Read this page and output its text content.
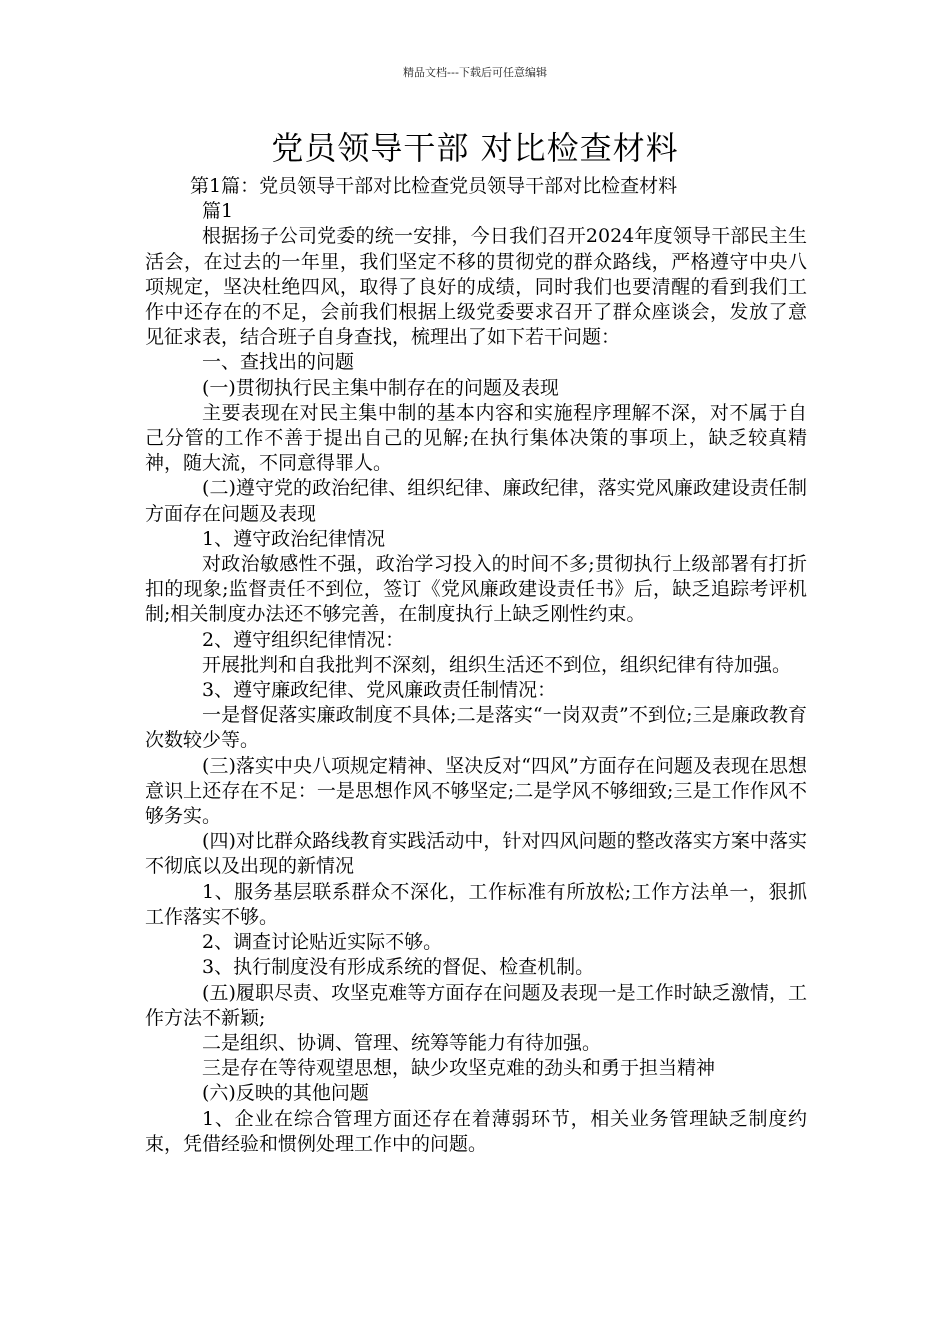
精品文档---下载后可任意编辑
党员领导干部 对比检查材料

第1篇：党员领导干部对比检查党员领导干部对比检查材料

篇1

根据扬子公司党委的统一安排，今日我们召开2024年度领导干部民主生活会，在过去的一年里，我们坚定不移的贯彻党的群众路线，严格遵守中央八项规定，坚决杜绝四风，取得了良好的成绩，同时我们也要清醒的看到我们工作中还存在的不足，会前我们根据上级党委要求召开了群众座谈会，发放了意见征求表，结合班子自身查找，梳理出了如下若干问题：

一、查找出的问题

(一)贯彻执行民主集中制存在的问题及表现

主要表现在对民主集中制的基本内容和实施程序理解不深，对不属于自己分管的工作不善于提出自己的见解;在执行集体决策的事项上，缺乏较真精神，随大流，不同意得罪人。

(二)遵守党的政治纪律、组织纪律、廉政纪律，落实党风廉政建设责任制方面存在问题及表现

1、遵守政治纪律情况

对政治敏感性不强，政治学习投入的时间不多;贯彻执行上级部署有打折扣的现象;监督责任不到位，签订《党风廉政建设责任书》后，缺乏追踪考评机制;相关制度办法还不够完善，在制度执行上缺乏刚性约束。

2、遵守组织纪律情况：

开展批判和自我批判不深刻，组织生活还不到位，组织纪律有待加强。

3、遵守廉政纪律、党风廉政责任制情况：

一是督促落实廉政制度不具体;二是落实“一岗双责”不到位;三是廉政教育次数较少等。

(三)落实中央八项规定精神、坚决反对“四风”方面存在问题及表现在思想意识上还存在不足：一是思想作风不够坚定;二是学风不够细致;三是工作作风不够务实。

(四)对比群众路线教育实践活动中，针对四风问题的整改落实方案中落实不彻底以及出现的新情况

1、服务基层联系群众不深化，工作标准有所放松;工作方法单一，狠抓工作落实不够。

2、调查讨论贴近实际不够。

3、执行制度没有形成系统的督促、检查机制。

(五)履职尽责、攻坚克难等方面存在问题及表现一是工作时缺乏激情，工作方法不新颖;

二是组织、协调、管理、统筹等能力有待加强。

三是存在等待观望思想，缺少攻坚克难的劲头和勇于担当精神

(六)反映的其他问题

1、企业在综合管理方面还存在着薄弱环节，相关业务管理缺乏制度约束，凭借经验和惯例处理工作中的问题。
